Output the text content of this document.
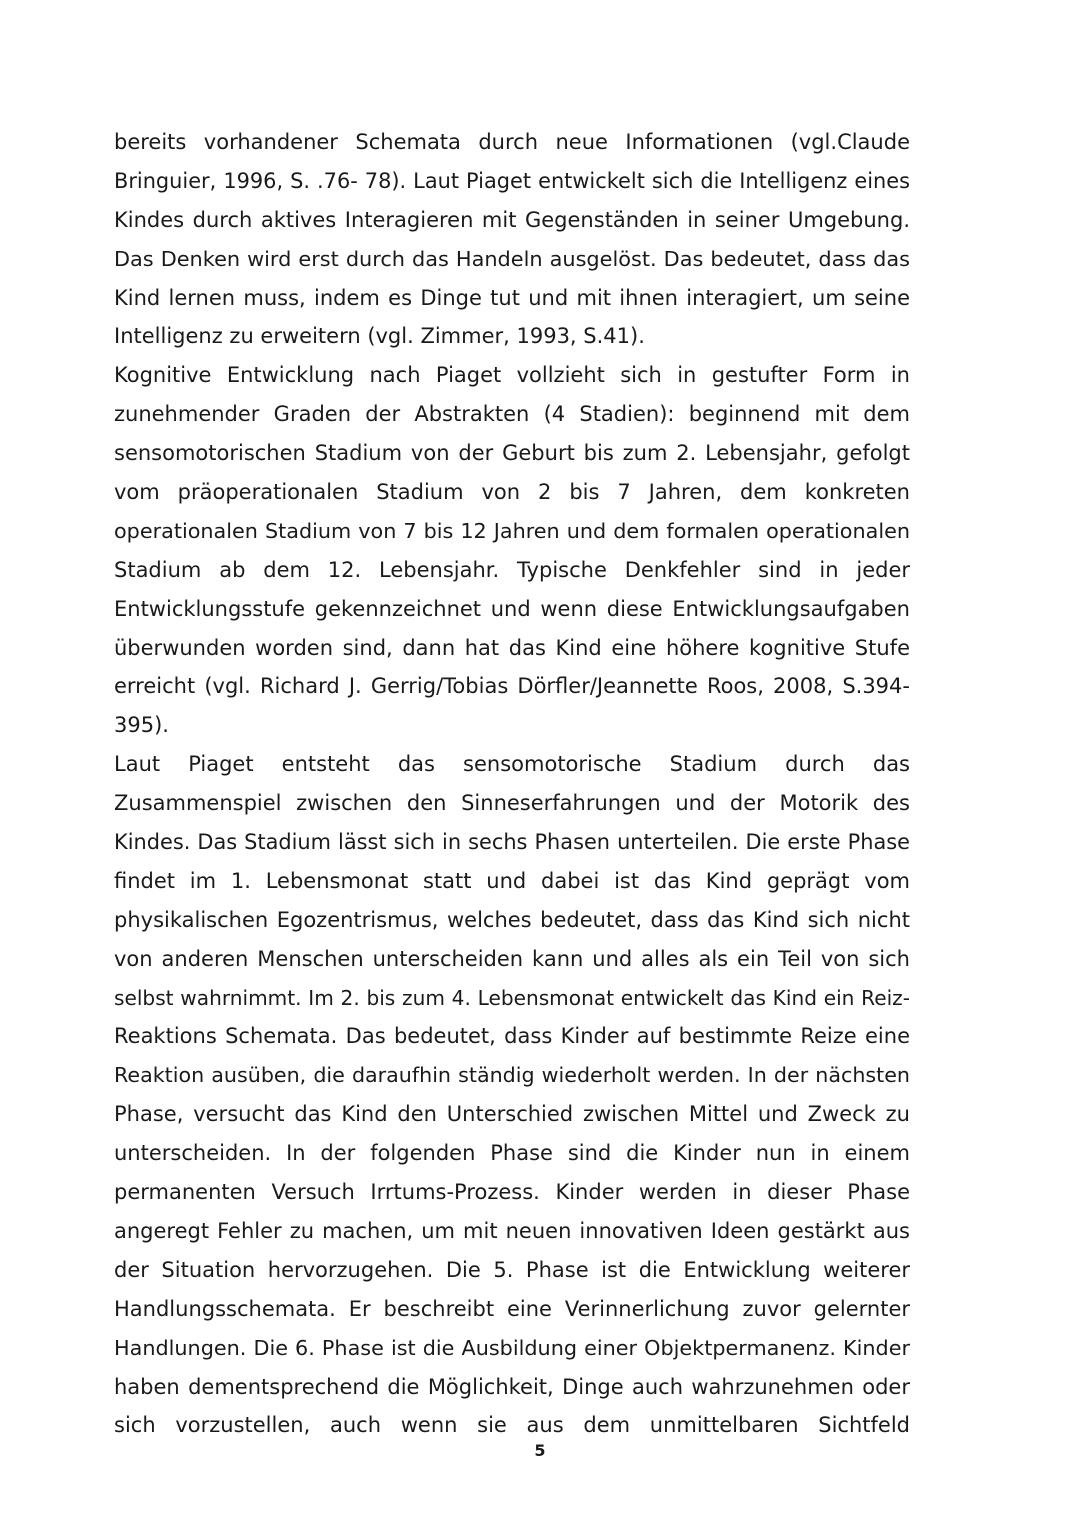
bereits vorhandener Schemata durch neue Informationen (vgl.Claude
Bringuier, 1996, S. .76- 78). Laut Piaget entwickelt sich die Intelligenz eines
Kindes durch aktives Interagieren mit Gegenständen in seiner Umgebung.
Das Denken wird erst durch das Handeln ausgelöst. Das bedeutet, dass das
Kind lernen muss, indem es Dinge tut und mit ihnen interagiert, um seine
Intelligenz zu erweitern (vgl. Zimmer, 1993, S.41).
Kognitive Entwicklung nach Piaget vollzieht sich in gestufter Form in
zunehmender Graden der Abstrakten (4 Stadien): beginnend mit dem
sensomotorischen Stadium von der Geburt bis zum 2. Lebensjahr, gefolgt
vom präoperationalen Stadium von 2 bis 7 Jahren, dem konkreten
operationalen Stadium von 7 bis 12 Jahren und dem formalen operationalen
Stadium ab dem 12. Lebensjahr. Typische Denkfehler sind in jeder
Entwicklungsstufe gekennzeichnet und wenn diese Entwicklungsaufgaben
überwunden worden sind, dann hat das Kind eine höhere kognitive Stufe
erreicht (vgl. Richard J. Gerrig/Tobias Dörfler/Jeannette Roos, 2008, S.394-
395).
Laut Piaget entsteht das sensomotorische Stadium durch das
Zusammenspiel zwischen den Sinneserfahrungen und der Motorik des
Kindes. Das Stadium lässt sich in sechs Phasen unterteilen. Die erste Phase
findet im 1. Lebensmonat statt und dabei ist das Kind geprägt vom
physikalischen Egozentrismus, welches bedeutet, dass das Kind sich nicht
von anderen Menschen unterscheiden kann und alles als ein Teil von sich
selbst wahrnimmt. Im 2. bis zum 4. Lebensmonat entwickelt das Kind ein Reiz-
Reaktions Schemata. Das bedeutet, dass Kinder auf bestimmte Reize eine
Reaktion ausüben, die daraufhin ständig wiederholt werden. In der nächsten
Phase, versucht das Kind den Unterschied zwischen Mittel und Zweck zu
unterscheiden. In der folgenden Phase sind die Kinder nun in einem
permanenten Versuch Irrtums-Prozess. Kinder werden in dieser Phase
angeregt Fehler zu machen, um mit neuen innovativen Ideen gestärkt aus
der Situation hervorzugehen. Die 5. Phase ist die Entwicklung weiterer
Handlungsschemata. Er beschreibt eine Verinnerlichung zuvor gelernter
Handlungen. Die 6. Phase ist die Ausbildung einer Objektpermanenz. Kinder
haben dementsprechend die Möglichkeit, Dinge auch wahrzunehmen oder
sich vorzustellen, auch wenn sie aus dem unmittelbaren Sichtfeld
5
